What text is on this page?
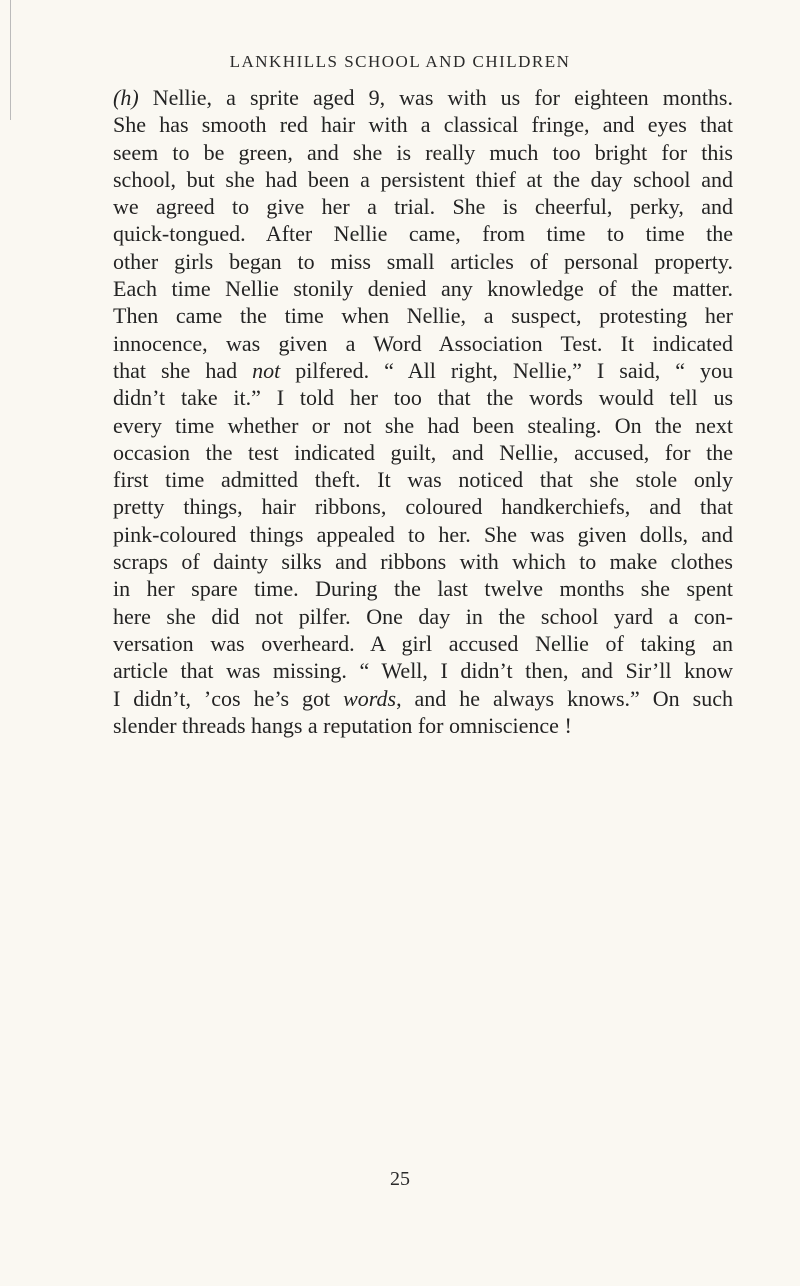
LANKHILLS SCHOOL AND CHILDREN
(h) Nellie, a sprite aged 9, was with us for eighteen months.
She has smooth red hair with a classical fringe, and eyes that
seem to be green, and she is really much too bright for this
school, but she had been a persistent thief at the day school and
we agreed to give her a trial. She is cheerful, perky, and
quick-tongued. After Nellie came, from time to time the
other girls began to miss small articles of personal property.
Each time Nellie stonily denied any knowledge of the matter.
Then came the time when Nellie, a suspect, protesting her
innocence, was given a Word Association Test. It indicated
that she had not pilfered. “ All right, Nellie,” I said, “ you
didn’t take it.” I told her too that the words would tell us
every time whether or not she had been stealing. On the next
occasion the test indicated guilt, and Nellie, accused, for the
first time admitted theft. It was noticed that she stole only
pretty things, hair ribbons, coloured handkerchiefs, and that
pink-coloured things appealed to her. She was given dolls, and
scraps of dainty silks and ribbons with which to make clothes
in her spare time. During the last twelve months she spent
here she did not pilfer. One day in the school yard a con-
versation was overheard. A girl accused Nellie of taking an
article that was missing. “ Well, I didn’t then, and Sir’ll know
I didn’t, ’cos he’s got words, and he always knows.” On such
slender threads hangs a reputation for omniscience !
25
